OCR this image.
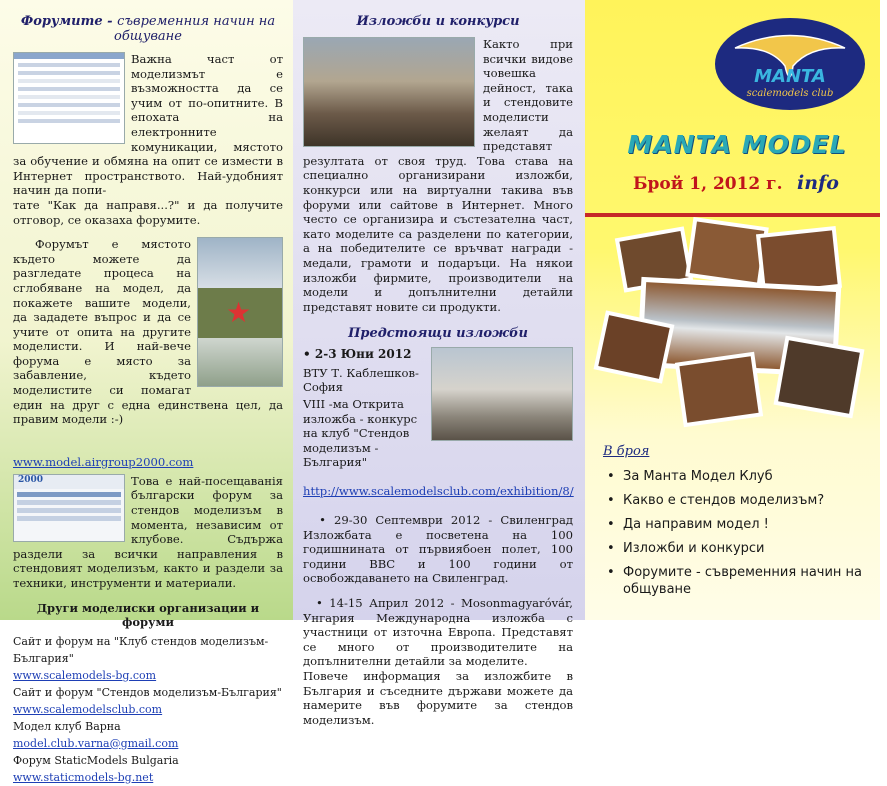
Форумите - съвременния начин на общуване

Важна част от моделизмът е възможността да се учим от по-опитните. В епохата на електронните комуникации, мястото за обучение и обмяна на опит се измести в Интернет пространството. Най-удобният начин да попи-

тате "Как да направя...?" и да получите отговор, се оказаха форумите.

★

Форумът е мястото където можете да разгледате процеса на сглобяване на модел, да покажете вашите модели, да зададете въпрос и да се учите от опита на другите моделисти. И най-вече форума е място за забавление, където моделистите си помагат един на друг с една единствена цел, да правим модели :-)

www.model.airgroup2000.com
2000	Това е най-посещаванія български форум за стендов моделизъм в момента, независим от клубове. Съдържа раздели за всички направления в стендовият моделизъм, както и раздели за техники, инструменти и материали.

Други моделиски организации и форуми
Сайт и форум на "Клуб стендов моделизъм-България"
www.scalemodels-bg.com
Сайт и форум "Стендов моделизъм-България"
www.scalemodelsclub.com
Модел клуб Варна model.club.varna@gmail.com
Форум StaticModels Bulgaria www.staticmodels-bg.net
Изложби и конкурси

Както при всички видове човешка дейност, така и стендовите моделисти желаят да представят резултата от своя труд. Това става на специално организирани изложби, конкурси или на виртуални такива във форуми или сайтове в Интернет. Много често се организира и състезателна част, като моделите са разделени по категории, а на победителите се връчват награди - медали, грамоти и подаръци. На някои изложби фирмите, производители на модели и допълнителни детайли представят новите си продукти.

Предстоящи изложби
• 2-3 Юни 2012
ВТУ Т. Каблешков-София
VIII -ма Открита изложба - конкурс на клуб "Стендов моделизъм - България"
http://www.scalemodelsclub.com/exhibition/8/

• 29-30 Септември 2012 - Свиленград Изложбата е посветена на 100 годишнината от първиябоен полет, 100 години ВВС и 100 години от освобождаването на Свиленград.

• 14-15 Април 2012 - Mosonmagyaróvár, Унгария Международна изложба с участници от източна Европа. Представят се много от производителите на допълнителни детайли за моделите.

Повече информация за изложбите в България и съседните държави можете да намерите във форумите за стендов моделизъм.

MANTA
scalemodels club
MANTA MODEL
Брой 1, 2012 г. info
В броя
• За Манта Модел Клуб
• Какво е стендов моделизъм?
• Да направим модел !
• Изложби и конкурси
• Форумите - съвременния начин на общуване
